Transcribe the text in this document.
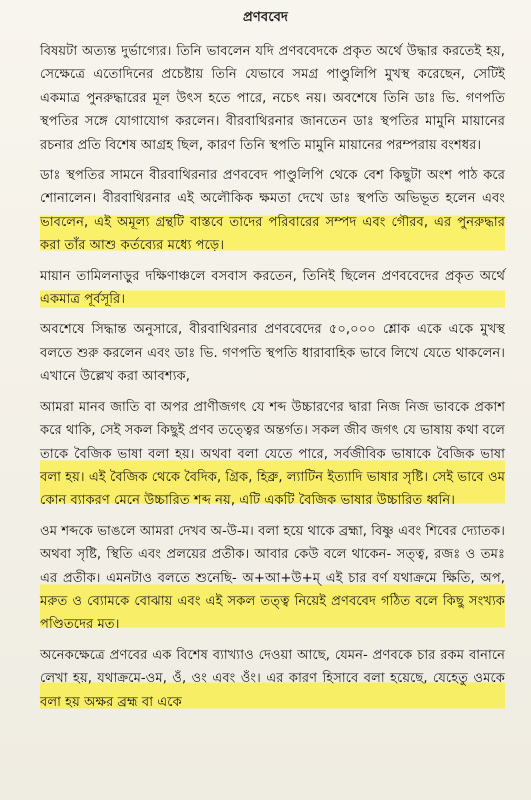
প্রণববেদ

বিষয়টা অত্যন্ত দুর্ভাগ্যের। তিনি ভাবলেন যদি প্রণববেদকে প্রকৃত অর্থে উদ্ধার করতেই হয়, সেক্ষেত্রে এতোদিনের প্রচেষ্টায় তিনি যেভাবে সমগ্র পাণ্ডুলিপি মুখস্থ করেছেন, সেটিই একমাত্র পুনরুদ্ধারের মূল উৎস হতে পারে, নচেৎ নয়। অবশেষে তিনি ডাঃ ভি. গণপতি স্থপতির সঙ্গে যোগাযোগ করলেন। বীরবাথিরনার জানতেন ডাঃ স্থপতির মামুনি মায়ানের রচনার প্রতি বিশেষ আগ্রহ ছিল, কারণ তিনি স্থপতি মামুনি মায়ানের পরম্পরায় বংশধর।

ডাঃ স্থপতির সামনে বীরবাথিরনার প্রণববেদ পাণ্ডুলিপি থেকে বেশ কিছুটা অংশ পাঠ করে শোনালেন। বীরবাথিরনার এই অলৌকিক ক্ষমতা দেখে ডাঃ স্থপতি অভিভূত হলেন এবং ভাবলেন, এই অমূল্য গ্রন্থটি বাস্তবে তাদের পরিবারের সম্পদ এবং গৌরব, এর পুনরুদ্ধার করা তাঁর আশু কর্তব্যের মধ্যে পড়ে।

মায়ান তামিলনাড়ুর দক্ষিণাঞ্চলে বসবাস করতেন, তিনিই ছিলেন প্রণববেদের প্রকৃত অর্থে একমাত্র পূর্বসূরি।

অবশেষে সিদ্ধান্ত অনুসারে, বীরবাথিরনার প্রণববেদের ৫০,০০০ শ্লোক একে একে মুখস্থ বলতে শুরু করলেন এবং ডাঃ ভি. গণপতি স্থপতি ধারাবাহিক ভাবে লিখে যেতে থাকলেন। এখানে উল্লেখ করা আবশ্যক,

আমরা মানব জাতি বা অপর প্রাণীজগৎ যে শব্দ উচ্চারণের দ্বারা নিজ নিজ ভাবকে প্রকাশ করে থাকি, সেই সকল কিছুই প্রণব তত্ত্বের অন্তর্গত। সকল জীব জগৎ যে ভাষায় কথা বলে তাকে বৈজিক ভাষা বলা হয়। অথবা বলা যেতে পারে, সর্বজীবিক ভাষাকে বৈজিক ভাষা বলা হয়। এই বৈজিক থেকে বৈদিক, গ্রিক, হিব্রু, ল্যাটিন ইত্যাদি ভাষার সৃষ্টি। সেই ভাবে ওম কোন ব্যাকরণ মেনে উচ্চারিত শব্দ নয়, এটি একটি বৈজিক ভাষার উচ্চারিত ধ্বনি।

ওম শব্দকে ভাঙলে আমরা দেখব অ-উ-ম। বলা হয়ে থাকে ব্রহ্মা, বিষ্ণু এবং শিবের দ্যোতক। অথবা সৃষ্টি, স্থিতি এবং প্রলয়ের প্রতীক। আবার কেউ বলে থাকেন- সত্ত্ব, রজঃ ও তমঃ এর প্রতীক। এমনটাও বলতে শুনেছি- অ+আ+উ+ম্ এই চার বর্ণ যথাক্রমে ক্ষিতি, অপ, মরুত ও ব্যোমকে বোঝায় এবং এই সকল তত্ত্ব নিয়েই প্রণববেদ গঠিত বলে কিছু সংখ্যক পণ্ডিতদের মত।

অনেকক্ষেত্রে প্রণবের এক বিশেষ ব্যাখ্যাও দেওয়া আছে, যেমন- প্রণবকে চার রকম বানানে লেখা হয়, যথাক্রমে-ওম, ওঁ, ওং এবং ওঁং। এর কারণ হিসাবে বলা হয়েছে, যেহেতু ওমকে বলা হয় অক্ষর ব্রহ্ম বা একে
